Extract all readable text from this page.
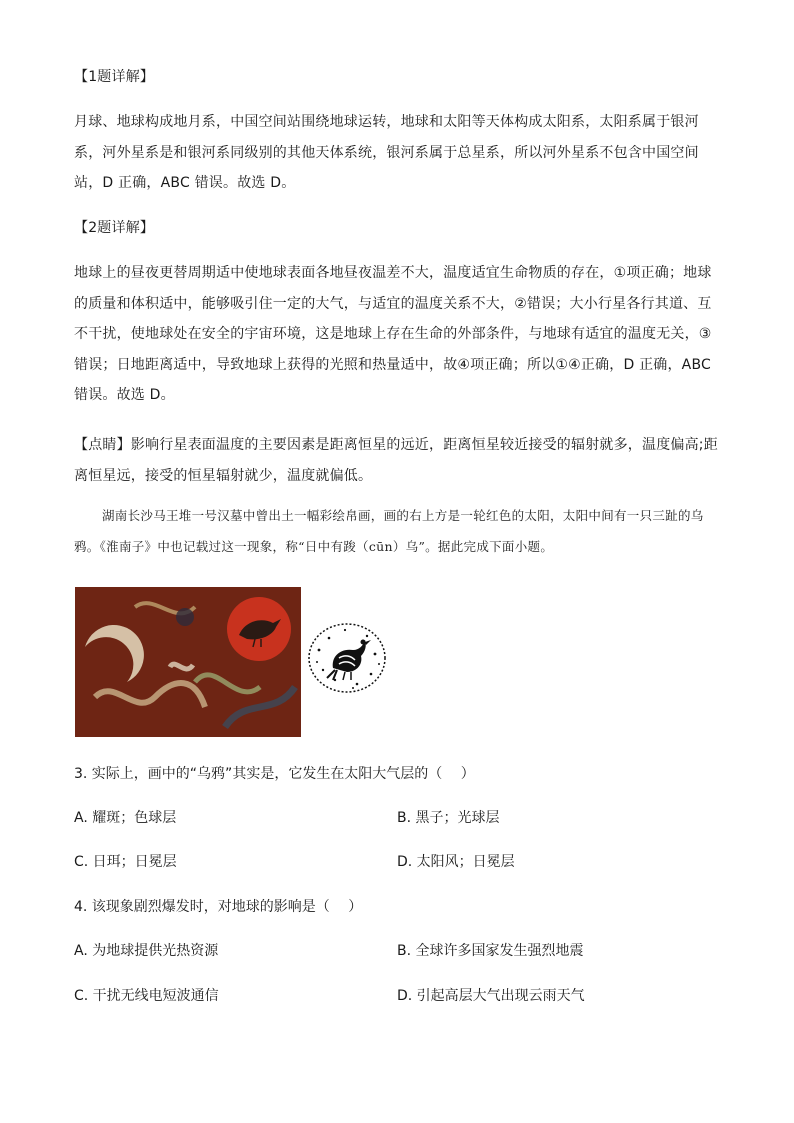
【1题详解】
月球、地球构成地月系，中国空间站围绕地球运转，地球和太阳等天体构成太阳系，太阳系属于银河系，河外星系是和银河系同级别的其他天体系统，银河系属于总星系，所以河外星系不包含中国空间站，D 正确，ABC 错误。故选 D。
【2题详解】
地球上的昼夜更替周期适中使地球表面各地昼夜温差不大，温度适宜生命物质的存在，①项正确；地球的质量和体积适中，能够吸引住一定的大气，与适宜的温度关系不大，②错误；大小行星各行其道、互不干扰，使地球处在安全的宇宙环境，这是地球上存在生命的外部条件，与地球有适宜的温度无关，③错误；日地距离适中，导致地球上获得的光照和热量适中，故④项正确；所以①④正确，D 正确，ABC 错误。故选 D。
【点睛】影响行星表面温度的主要因素是距离恒星的远近，距离恒星较近接受的辐射就多，温度偏高;距离恒星远，接受的恒星辐射就少，温度就偏低。
湖南长沙马王堆一号汉墓中曾出土一幅彩绘帛画，画的右上方是一轮红色的太阳，太阳中间有一只三趾的乌鸦。《淮南子》中也记载过这一现象，称“日中有踆（cūn）乌”。据此完成下面小题。
3. 实际上，画中的“乌鸦”其实是，它发生在太阳大气层的（　 ）
A. 耀斑；色球层	B. 黑子；光球层
C. 日珥；日冕层	D. 太阳风；日冕层
4. 该现象剧烈爆发时，对地球的影响是（　 ）
A. 为地球提供光热资源	B. 全球许多国家发生强烈地震
C. 干扰无线电短波通信	D. 引起高层大气出现云雨天气
